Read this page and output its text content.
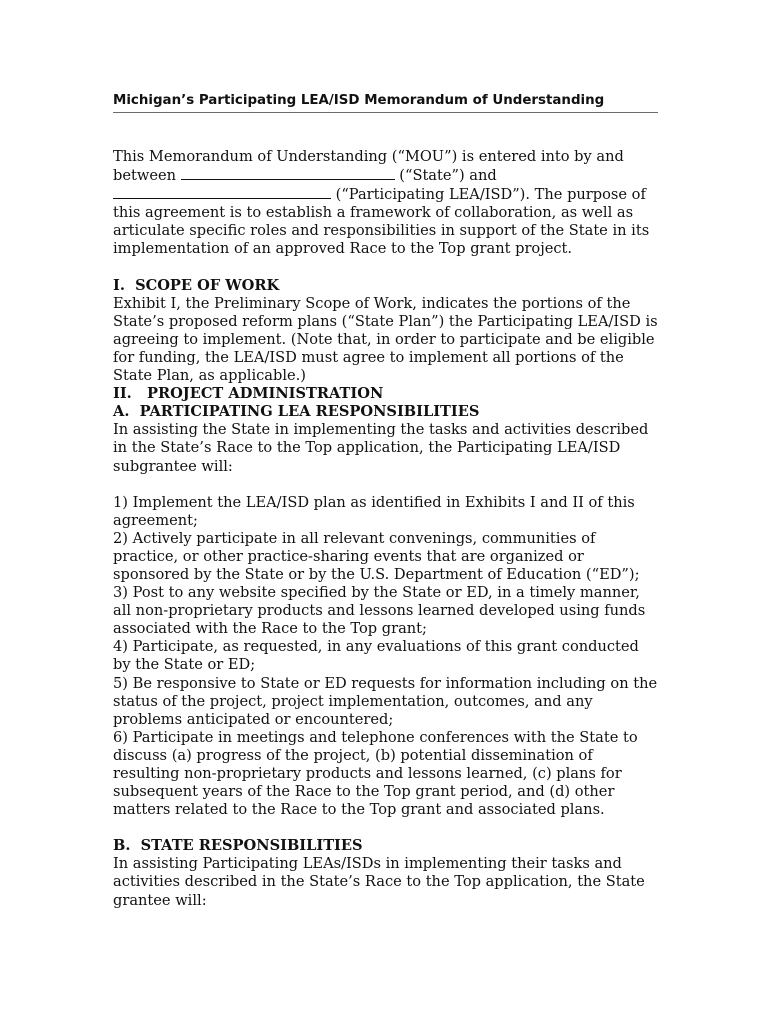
Michigan’s Participating LEA/ISD Memorandum of Understanding

This Memorandum of Understanding (“MOU”) is entered into by and between	(“State”) and
(“Participating LEA/ISD”). The purpose of this agreement is to establish a framework of collaboration, as well as articulate specific roles and responsibilities in support of the State in its implementation of an approved Race to the Top grant project.

I.  SCOPE OF WORK

Exhibit I, the Preliminary Scope of Work, indicates the portions of the State’s proposed reform plans (“State Plan”) the Participating LEA/ISD is agreeing to implement. (Note that, in order to participate and be eligible for funding, the LEA/ISD must agree to implement all portions of the State Plan, as applicable.)

II.   PROJECT ADMINISTRATION

A.  PARTICIPATING LEA RESPONSIBILITIES

In assisting the State in implementing the tasks and activities described in the State’s Race to the Top application, the Participating LEA/ISD subgrantee will:

1) Implement the LEA/ISD plan as identified in Exhibits I and II of this agreement;

2) Actively participate in all relevant convenings, communities of practice, or other practice-sharing events that are organized or sponsored by the State or by the U.S. Department of Education (“ED”);

3) Post to any website specified by the State or ED, in a timely manner, all non-proprietary products and lessons learned developed using funds associated with the Race to the Top grant;

4) Participate, as requested, in any evaluations of this grant conducted by the State or ED;

5) Be responsive to State or ED requests for information including on the status of the project, project implementation, outcomes, and any problems anticipated or encountered;

6) Participate in meetings and telephone conferences with the State to discuss (a) progress of the project, (b) potential dissemination of resulting non-proprietary products and lessons learned, (c) plans for subsequent years of the Race to the Top grant period, and (d) other matters related to the Race to the Top grant and associated plans.

B.  STATE RESPONSIBILITIES

In assisting Participating LEAs/ISDs in implementing their tasks and activities described in the State’s Race to the Top application, the State grantee will:
